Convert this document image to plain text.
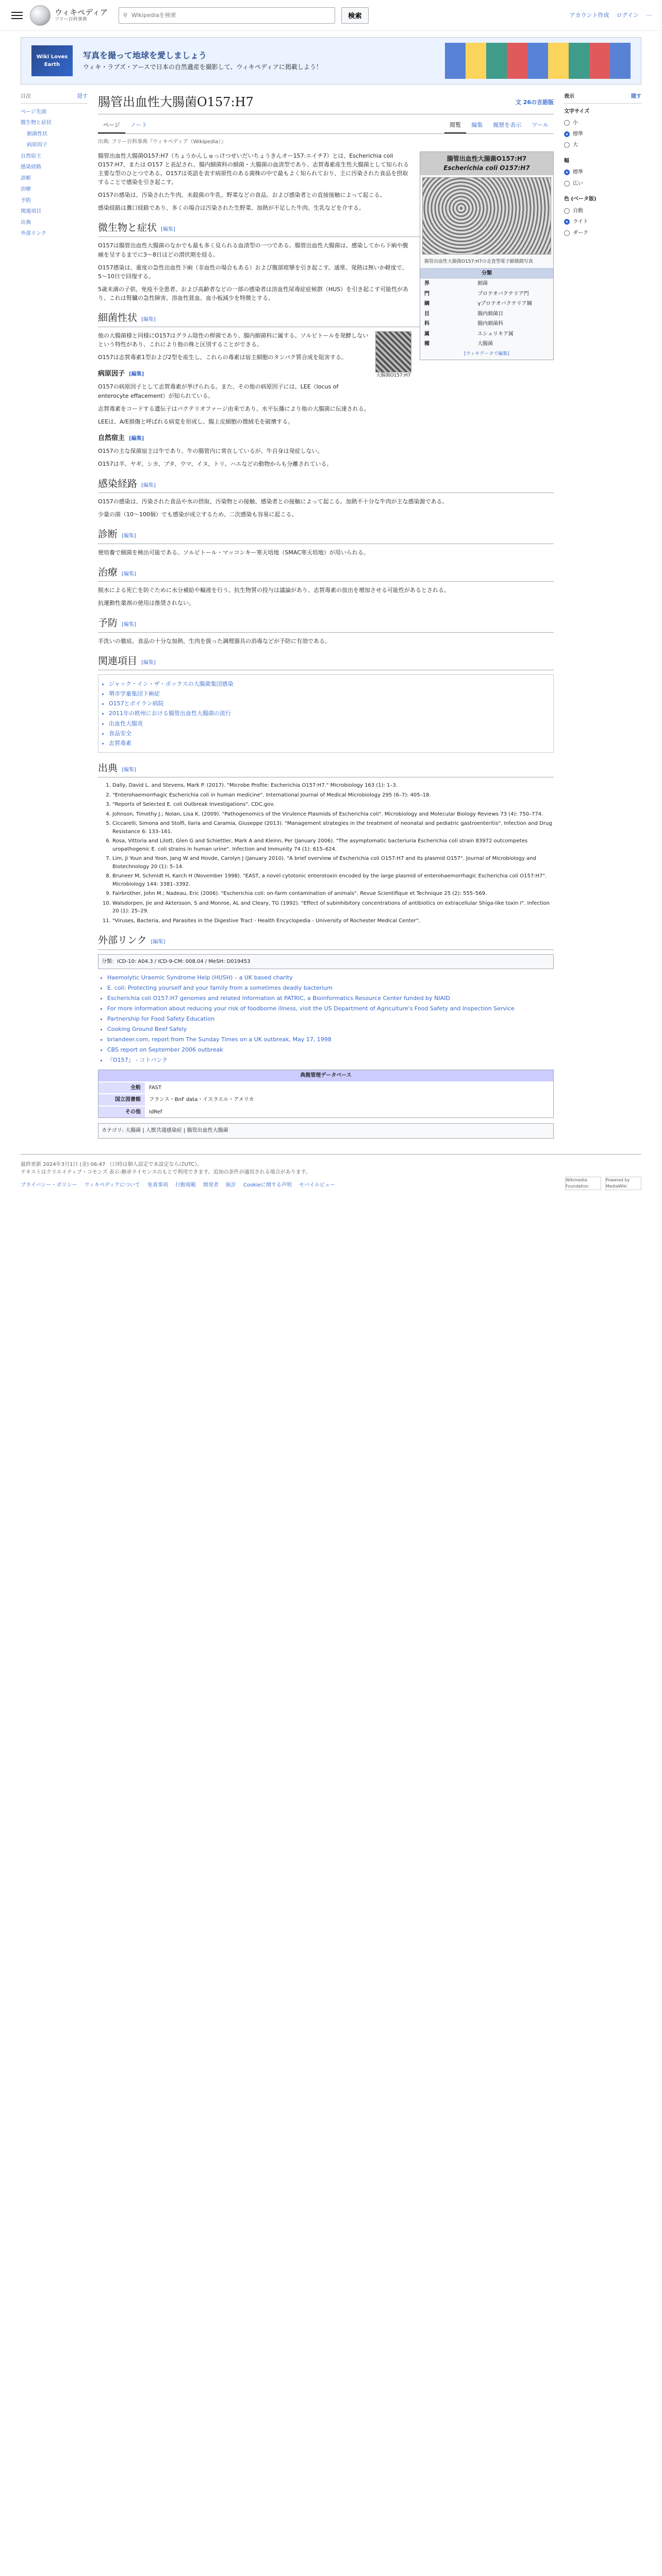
ウィキペディア
フリー百科事典
⚲ Wikipediaを検索	検索	アカウント作成 ログイン ⋯
Wiki Loves Earth
写真を撮って地球を愛しましょう
ウィキ・ラブズ・アースで日本の自然遺産を撮影して、ウィキペディアに掲載しよう！
目次	隠す
ページ先頭
微生物と症状
細菌性状
病原因子
自然宿主
感染経路
診断
治療
予防
関連項目
出典
外部リンク
腸管出血性大腸菌O157:H7	文 26の言語版
ページ	ノート	閲覧	編集	履歴を表示	ツール
出典: フリー百科事典『ウィキペディア（Wikipedia）』
腸管出血性大腸菌O157:H7
Escherichia coli O157:H7
腸管出血性大腸菌O157:H7の走査型電子顕微鏡写真
分類
界	細菌
門	プロテオバクテリア門
綱	γプロテオバクテリア綱
目	腸内細菌目
科	腸内細菌科
属	エシェリキア属
種	大腸菌
[ウィキデータで編集]

腸管出血性大腸菌O157:H7（ちょうかんしゅっけつせいだいちょうきんオー157:エイチ7）とは、Escherichia coli O157:H7、または O157 と表記され、腸内細菌科の細菌・大腸菌の血清型であり、志賀毒素産生性大腸菌として知られる主要な型のひとつである。O157は英語を表す病原性のある菌株の中で最もよく知られており、主に汚染された食品を摂取することで感染を引き起こす。

O157の感染は、汚染された牛肉、未殺菌の牛乳、野菜などの食品、および感染者との直接接触によって起こる。

感染経路は糞口経路であり、多くの場合は汚染された生野菜、加熱が不足した牛肉、生乳などを介する。

微生物と症状 [編集]

O157は腸管出血性大腸菌のなかでも最も多く見られる血清型の一つである。腸管出血性大腸菌は、感染してから下痢や腹痛を呈するまでに3〜8日ほどの潜伏期を経る。

O157感染は、重度の急性出血性下痢（非血性の場合もある）および腹部痙攣を引き起こす。通常、発熱は無いか軽度で、5〜10日で回復する。

5歳未満の子供、免疫不全患者、および高齢者などの一部の感染者は溶血性尿毒症症候群（HUS）を引き起こす可能性があり、これは腎臓の急性障害、溶血性貧血、血小板減少を特徴とする。

細菌性状 [編集]
大腸菌O157:H7

他の大腸菌様と同様にO157はグラム陰性の桿菌であり、腸内細菌科に属する。ソルビトールを発酵しないという特性があり、これにより他の株と区別することができる。

O157は志賀毒素1型および2型を産生し、これらの毒素は宿主細胞のタンパク質合成を阻害する。

病原因子 [編集]

O157の病原因子として志賀毒素が挙げられる。また、その他の病原因子には、LEE（locus of enterocyte effacement）が知られている。

志賀毒素をコードする遺伝子はバクテリオファージ由来であり、水平伝播により他の大腸菌に伝達される。

LEEは、A/E損傷と呼ばれる病変を形成し、腸上皮細胞の微絨毛を破壊する。

自然宿主 [編集]

O157の主な保菌宿主は牛であり、牛の腸管内に常在しているが、牛自身は発症しない。

O157は羊、ヤギ、シカ、ブタ、ウマ、イヌ、トリ、ハエなどの動物からも分離されている。

感染経路 [編集]

O157の感染は、汚染された食品や水の摂取、汚染物との接触、感染者との接触によって起こる。加熱不十分な牛肉が主な感染源である。

少量の菌（10〜100個）でも感染が成立するため、二次感染も容易に起こる。

診断 [編集]

便培養で細菌を検出可能である。ソルビトール・マッコンキー寒天培地（SMAC寒天培地）が用いられる。

治療 [編集]

脱水による死亡を防ぐために水分補給や輸液を行う。抗生物質の投与は議論があり、志賀毒素の放出を増加させる可能性があるとされる。

抗運動性薬剤の使用は推奨されない。

予防 [編集]

手洗いの徹底、食品の十分な加熱、生肉を扱った調理器具の消毒などが予防に有効である。

関連項目 [編集]
• ジャック・イン・ザ・ボックスの大腸菌集団感染
• 堺市学童集団下痢症
• O157とボイラン病院
• 2011年の欧州における腸管出血性大腸菌の流行
• 出血性大腸炎
• 食品安全
• 志賀毒素
出典 [編集]
1. Dally, David L. and Stevens, Mark P. (2017). "Microbe Profile: Escherichia O157:H7." Microbiology 163 (1): 1–3.
2. "Enterohaemorrhagic Escherichia coli in human medicine". International Journal of Medical Microbiology 295 (6–7): 405–18.
3. "Reports of Selected E. coli Outbreak Investigations". CDC.gov.
4. Johnson, Timothy J.; Nolan, Lisa K. (2009). "Pathogenomics of the Virulence Plasmids of Escherichia coli". Microbiology and Molecular Biology Reviews 73 (4): 750–774.
5. Ciccarelli, Simona and Stolfi, Ilaria and Caramia, Giuseppe (2013). "Management strategies in the treatment of neonatal and pediatric gastroenteritis". Infection and Drug Resistance 6: 133–161.
6. Rosa, Vittoria and Lilott, Glen G and Schiettler, Mark A and Kleinn, Per (January 2006). "The asymptomatic bacteriuria Escherichia coli strain 83972 outcompetes uropathogenic E. coli strains in human urine". Infection and Immunity 74 (1): 615–624.
7. Lim, Ji Youn and Yoon, Jang W and Hovde, Carolyn J (January 2010). "A brief overview of Escherichia coli O157:H7 and its plasmid O157". Journal of Microbiology and Biotechnology 20 (1): 5–14.
8. Bruneer M, Schmidt H, Karch H (November 1998). "EAST, a novel cytotonic enterotoxin encoded by the large plasmid of enterohaemorrhagic Escherichia coli O157:H7". Microbiology 144: 3381–3392.
9. Fairbrother, John M.; Nadeau, Eric (2006). "Escherichia coli: on-farm contamination of animals". Revue Scientifique et Technique 25 (2): 555–569.
10. Walsdorpen, Jie and Aktersson, S and Monroe, AL and Cleary, TG (1992). "Effect of subinhibitory concentrations of antibiotics on extracellular Shiga-like toxin I". Infection 20 (1): 25–29.
11. "Viruses, Bacteria, and Parasites in the Digestive Tract - Health Encyclopedia - University of Rochester Medical Center".
外部リンク [編集]
分類：ICD-10: A04.3 / ICD-9-CM: 008.04 / MeSH: D019453
• Haemolytic Uraemic Syndrome Help (HUSH) – a UK based charity
• E. coli: Protecting yourself and your family from a sometimes deadly bacterium
• Escherichia coli O157:H7 genomes and related information at PATRIC, a Bioinformatics Resource Center funded by NIAID
• For more information about reducing your risk of foodborne illness, visit the US Department of Agriculture's Food Safety and Inspection Service
• Partnership for Food Safety Education
• Cooking Ground Beef Safely
• briandeer.com, report from The Sunday Times on a UK outbreak, May 17, 1998
• CBS report on September 2006 outbreak
• 『O157』 - コトバンク
典拠管理データベース
全般	FAST
国立図書館	フランス・BnF data・イスラエル・アメリカ
その他	IdRef
カテゴリ: 大腸菌 | 人獣共通感染症 | 腸管出血性大腸菌
表示	隠す
文字サイズ
小
標準
大
幅
標準
広い
色 (ベータ版)
自動
ライト
ダーク
最終更新 2024年3月1日 (金) 06:47 （日時は個人設定で未設定ならばUTC）。
テキストはクリエイティブ・コモンズ 表示-継承ライセンスのもとで利用できます。追加の条件が適用される場合があります。
プライバシー・ポリシー ウィキペディアについて 免責事項 行動規範 開発者 統計 Cookieに関する声明 モバイルビュー
Wikimedia Foundation
Powered by MediaWiki
